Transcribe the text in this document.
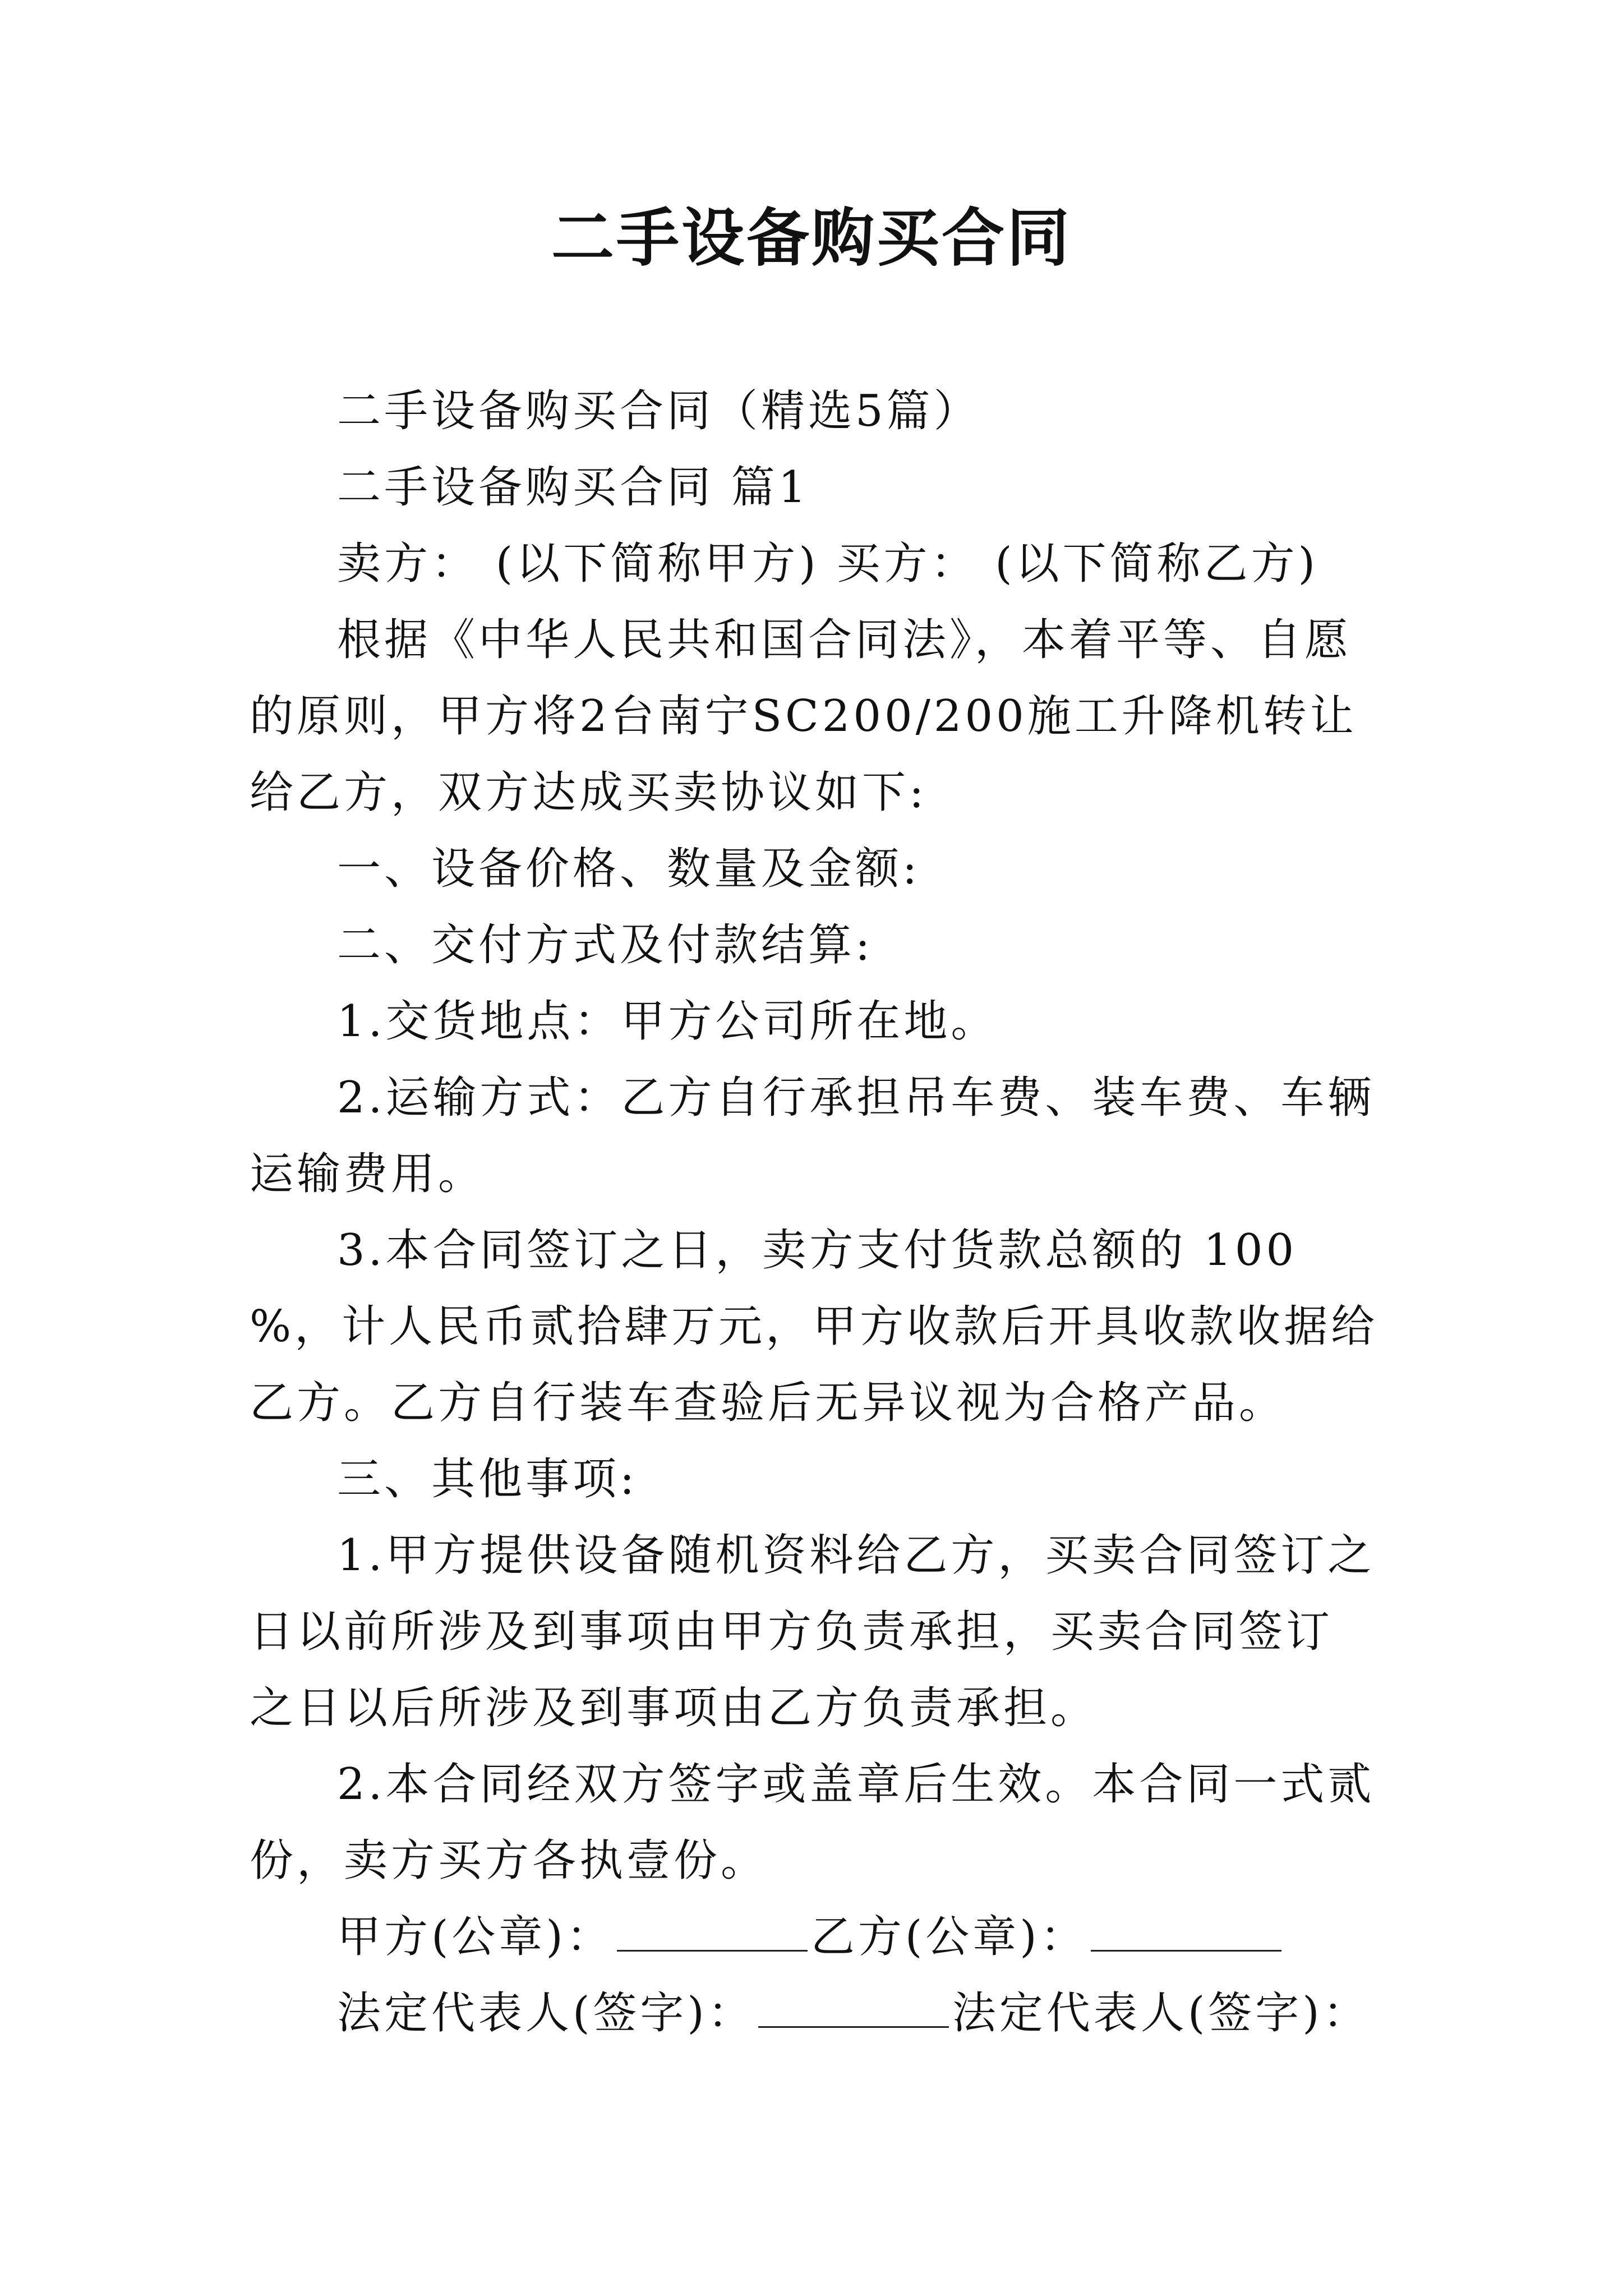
二手设备购买合同

二手设备购买合同（精选5篇）

二手设备购买合同 篇1

卖方： (以下简称甲方) 买方： (以下简称乙方)

根据《中华人民共和国合同法》，本着平等、自愿的原则，甲方将2台南宁SC200/200施工升降机转让给乙方，双方达成买卖协议如下:

一、设备价格、数量及金额:

二、交付方式及付款结算:

1.交货地点：甲方公司所在地。

2.运输方式：乙方自行承担吊车费、装车费、车辆运输费用。

3.本合同签订之日，卖方支付货款总额的 100 %，计人民币贰拾肆万元，甲方收款后开具收款收据给乙方。乙方自行装车查验后无异议视为合格产品。

三、其他事项:

1.甲方提供设备随机资料给乙方，买卖合同签订之日以前所涉及到事项由甲方负责承担，买卖合同签订之日以后所涉及到事项由乙方负责承担。

2.本合同经双方签字或盖章后生效。本合同一式贰份，卖方买方各执壹份。

甲方(公章)：	乙方(公章)：

法定代表人(签字)：	法定代表人(签字)：
